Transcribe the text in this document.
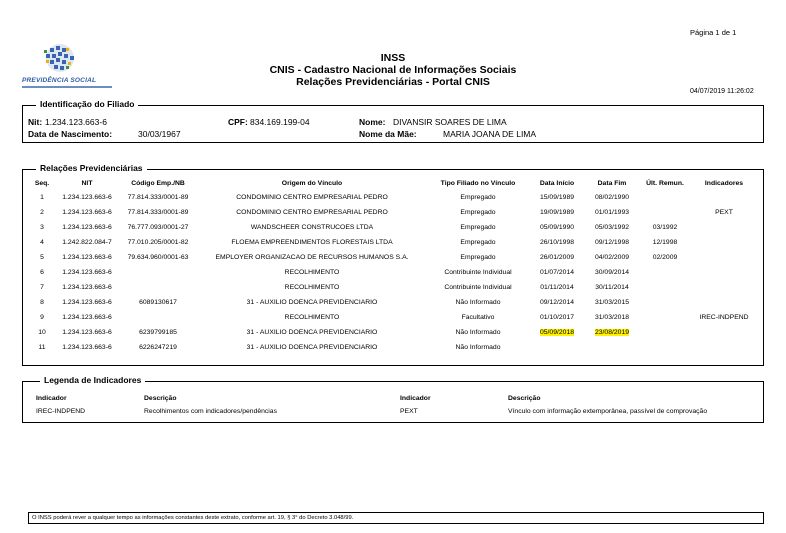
Página 1 de 1
PREVIDÊNCIA SOCIAL
INSS
CNIS - Cadastro Nacional de Informações Sociais
Relações Previdenciárias - Portal CNIS
04/07/2019 11:26:02
Identificação do Filiado
Nit: 1.234.123.663-6	CPF: 834.169.199-04	Nome: DIVANSIR SOARES DE LIMA
Data de Nascimento:	30/03/1967	Nome da Mãe:	MARIA JOANA DE LIMA
Relações Previdenciárias
Seq.	NIT	Código Emp./NB	Origem do Vínculo	Tipo Filiado no Vínculo	Data Início	Data Fim	Últ. Remun.	Indicadores
1	1.234.123.663-6	77.814.333/0001-89	CONDOMINIO CENTRO EMPRESARIAL PEDRO	Empregado	15/09/1989	08/02/1990		
2	1.234.123.663-6	77.814.333/0001-89	CONDOMINIO CENTRO EMPRESARIAL PEDRO	Empregado	19/09/1989	01/01/1993		PEXT
3	1.234.123.663-6	76.777.093/0001-27	WANDSCHEER CONSTRUCOES LTDA	Empregado	05/09/1990	05/03/1992	03/1992	
4	1.242.822.084-7	77.010.205/0001-82	FLOEMA EMPREENDIMENTOS FLORESTAIS LTDA	Empregado	26/10/1998	09/12/1998	12/1998	
5	1.234.123.663-6	79.634.960/0001-63	EMPLOYER ORGANIZACAO DE RECURSOS HUMANOS S.A.	Empregado	26/01/2009	04/02/2009	02/2009	
6	1.234.123.663-6		RECOLHIMENTO	Contribuinte Individual	01/07/2014	30/09/2014		
7	1.234.123.663-6		RECOLHIMENTO	Contribuinte Individual	01/11/2014	30/11/2014		
8	1.234.123.663-6	6089130617	31 - AUXILIO DOENCA PREVIDENCIARIO	Não Informado	09/12/2014	31/03/2015		
9	1.234.123.663-6		RECOLHIMENTO	Facultativo	01/10/2017	31/03/2018		IREC-INDPEND
10	1.234.123.663-6	6239799185	31 - AUXILIO DOENCA PREVIDENCIARIO	Não Informado	05/09/2018	23/08/2019		
11	1.234.123.663-6	6226247219	31 - AUXILIO DOENCA PREVIDENCIARIO	Não Informado				
Legenda de Indicadores
Indicador	Descrição	Indicador	Descrição
IREC-INDPEND	Recolhimentos com indicadores/pendências	PEXT	Vínculo com informação extemporânea, passível de comprovação
O INSS poderá rever a qualquer tempo as informações constantes deste extrato, conforme art. 19, § 3° do Decreto 3.048/99.
